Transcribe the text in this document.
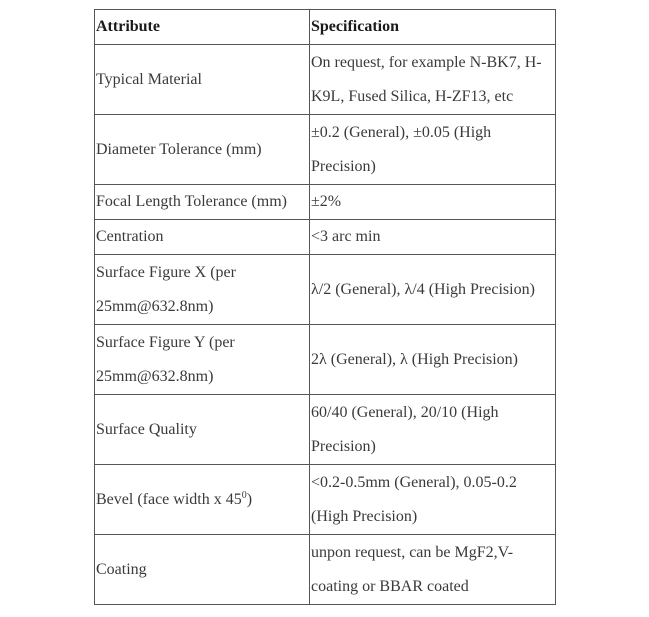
Attribute	Specification
Typical Material	On request, for example N-BK7, H-K9L, Fused Silica, H-ZF13, etc
Diameter Tolerance (mm)	±0.2 (General), ±0.05 (High Precision)
Focal Length Tolerance (mm)	±2%
Centration	<3 arc min
Surface Figure X (per 25mm@632.8nm)	λ/2 (General), λ/4 (High Precision)
Surface Figure Y (per 25mm@632.8nm)	2λ (General), λ (High Precision)
Surface Quality	60/40 (General), 20/10 (High Precision)
Bevel (face width x $45^0$)	<0.2-0.5mm (General), 0.05-0.2 (High Precision)
Coating	unpon request, can be MgF2,V-coating or BBAR coated
